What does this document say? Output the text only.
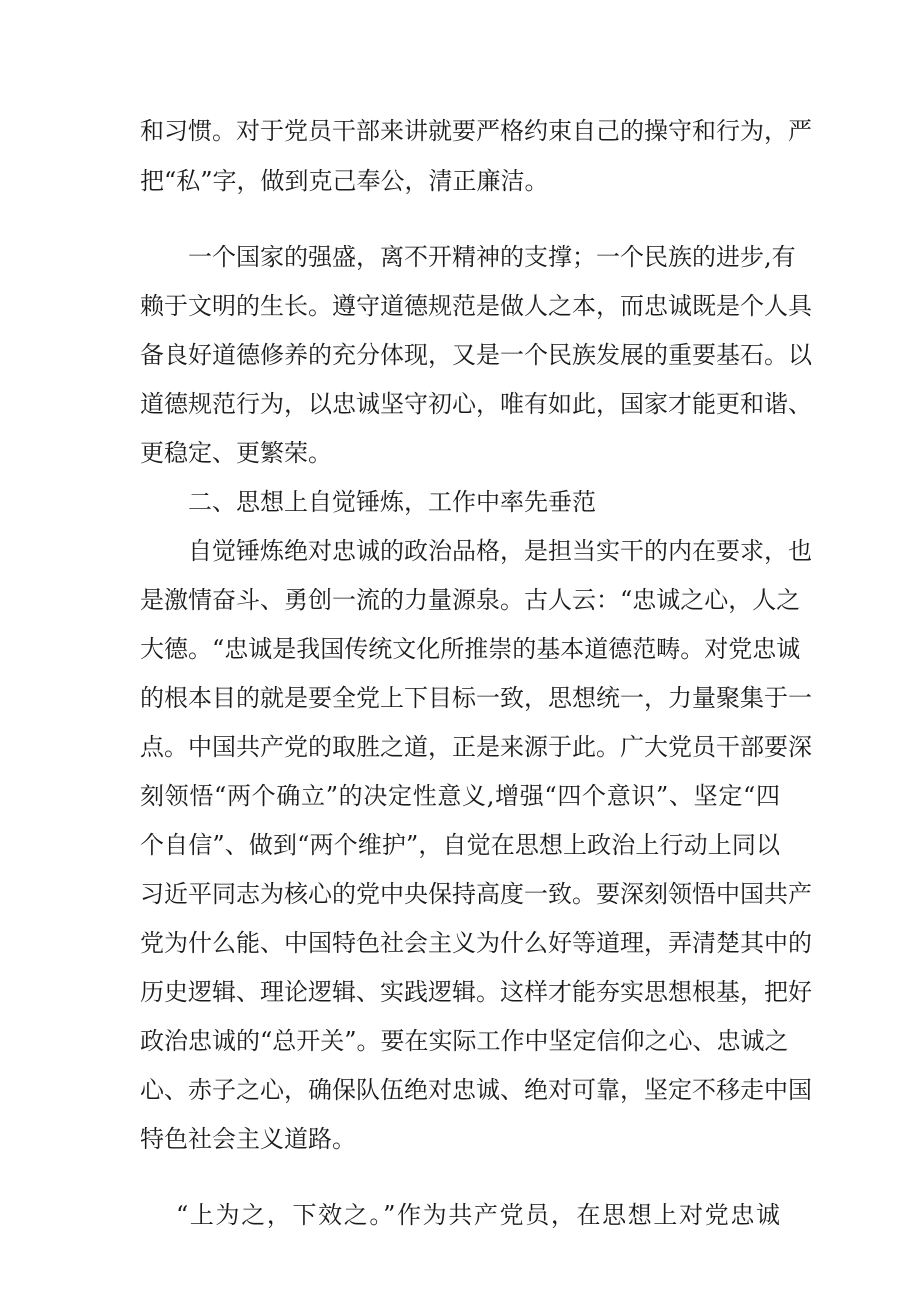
和习惯。对于党员干部来讲就要严格约束自己的操守和行为，严
把“私”字，做到克己奉公，清正廉洁。
一个国家的强盛，离不开精神的支撑；一个民族的进步,有
赖于文明的生长。遵守道德规范是做人之本，而忠诚既是个人具
备良好道德修养的充分体现，又是一个民族发展的重要基石。以
道德规范行为，以忠诚坚守初心，唯有如此，国家才能更和谐、
更稳定、更繁荣。
二、思想上自觉锤炼，工作中率先垂范
自觉锤炼绝对忠诚的政治品格，是担当实干的内在要求，也
是激情奋斗、勇创一流的力量源泉。古人云：“忠诚之心，人之
大德。“忠诚是我国传统文化所推崇的基本道德范畴。对党忠诚
的根本目的就是要全党上下目标一致，思想统一，力量聚集于一
点。中国共产党的取胜之道，正是来源于此。广大党员干部要深
刻领悟“两个确立”的决定性意义,增强“四个意识”、坚定“四
个自信”、做到“两个维护”，自觉在思想上政治上行动上同以
习近平同志为核心的党中央保持高度一致。要深刻领悟中国共产
党为什么能、中国特色社会主义为什么好等道理，弄清楚其中的
历史逻辑、理论逻辑、实践逻辑。这样才能夯实思想根基，把好
政治忠诚的“总开关”。要在实际工作中坚定信仰之心、忠诚之
心、赤子之心，确保队伍绝对忠诚、绝对可靠，坚定不移走中国
特色社会主义道路。
“上为之，下效之。”作为共产党员，在思想上对党忠诚
